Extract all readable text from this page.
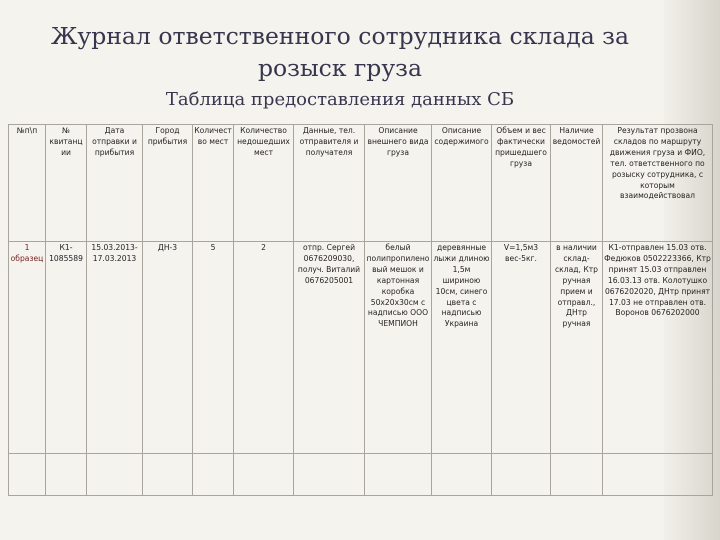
Журнал ответственного сотрудника склада за розыск груза
Таблица предоставления данных СБ
№п\п	№ квитанции	Дата отправки и прибытия	Город прибытия	Количество мест	Количество недошедших мест	Данные, тел. отправителя и получателя	Описание внешнего вида груза	Описание содержимого	Объем и вес фактически пришедшего груза	Наличие ведомостей	Результат прозвона складов по маршруту движения груза и ФИО, тел. ответственного по розыску сотрудника, с которым взаимодействовал
1 образец	К1-1085589	15.03.2013-17.03.2013	ДН-3	5	2	отпр. Сергей 0676209030, получ. Виталий 0676205001	белый полипропиленовый мешок и картонная коробка 50х20х30см с надписью ООО ЧЕМПИОН	деревянные лыжи длиною 1,5м шириною 10см, синего цвета с надписью Украина	V=1,5м3 вес-5кг.	в наличии склад-склад, Ктр ручная прием и отправл., ДНтр ручная	К1-отправлен 15.03 отв. Федюков 0502223366, Ктр принят 15.03 отправлен 16.03.13 отв. Колотушко 0676202020, ДНтр принят 17.03 не отправлен отв. Воронов 0676202000
